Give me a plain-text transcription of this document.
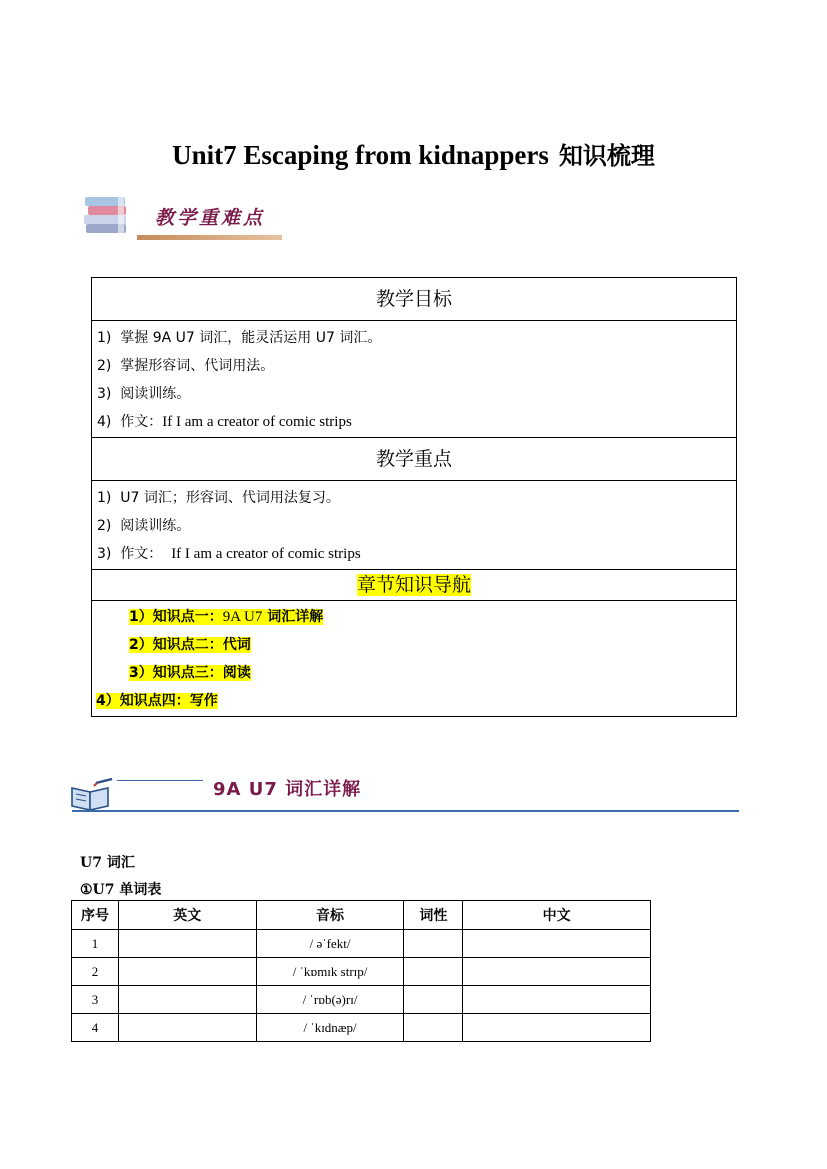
Unit7 Escaping from kidnappers 知识梳理
教学重难点
教学目标

1) 掌握 9A U7 词汇，能灵活运用 U7 词汇。
2) 掌握形容词、代词用法。
3) 阅读训练。
4) 作文：If I am a creator of comic strips

教学重点

1) U7 词汇；形容词、代词用法复习。
2) 阅读训练。
3) 作文： If I am a creator of comic strips

章节知识导航

1）知识点一：9A U7 词汇详解
2）知识点二：代词
3）知识点三：阅读
4）知识点四：写作
9A U7 词汇详解
U7 词汇
①U7 单词表
序号	英文	音标	词性	中文
1		/ əˈfekt/		
2		/ ˈkɒmɪk strɪp/		
3		/ ˈrɒb(ə)rɪ/		
4		/ ˈkɪdnæp/		
